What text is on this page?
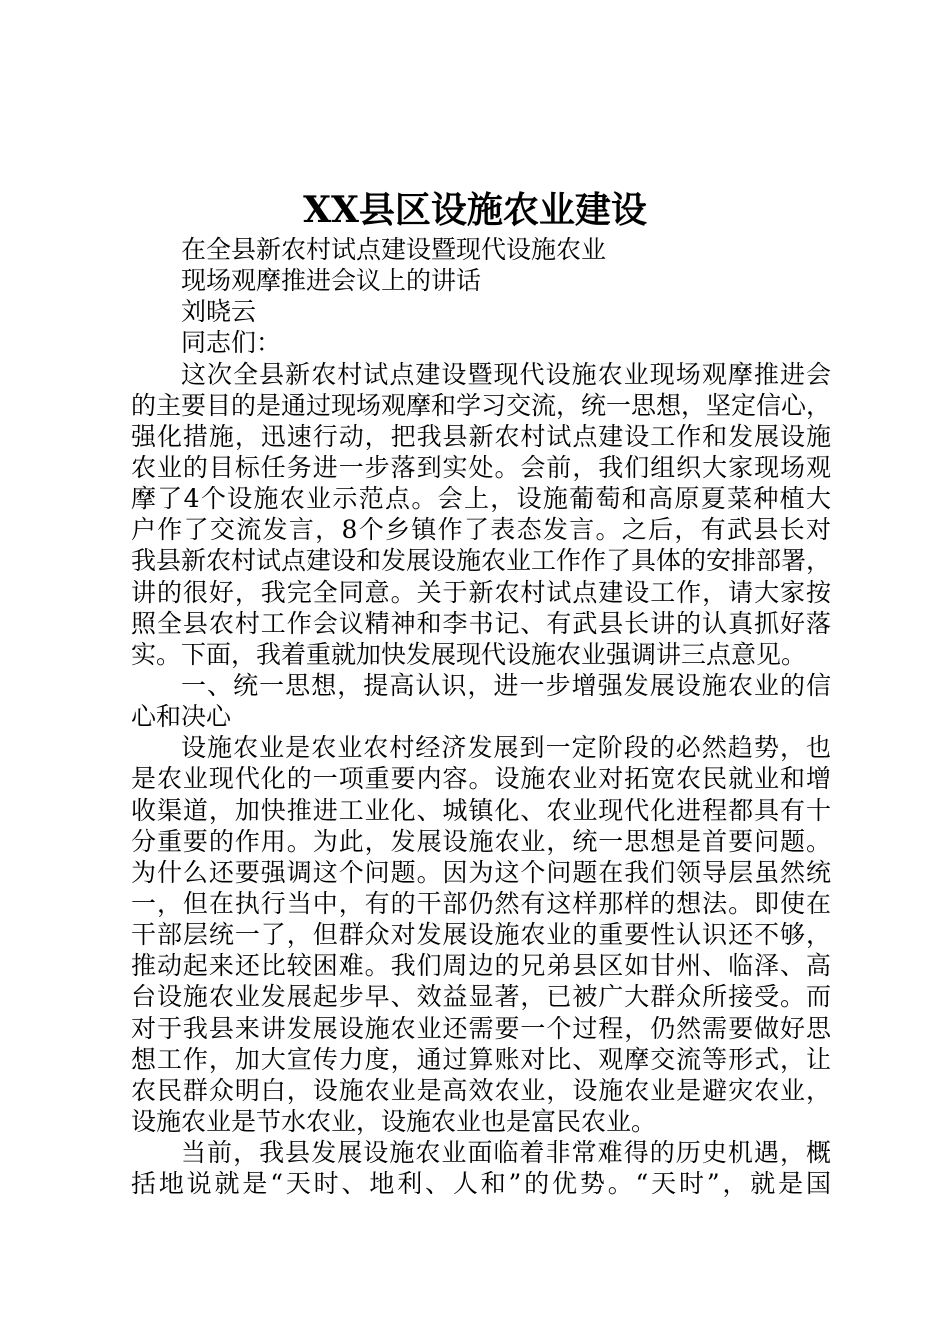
XX县区设施农业建设
在全县新农村试点建设暨现代设施农业
现场观摩推进会议上的讲话
刘晓云
同志们：
这次全县新农村试点建设暨现代设施农业现场观摩推进会
的主要目的是通过现场观摩和学习交流，统一思想，坚定信心，
强化措施，迅速行动，把我县新农村试点建设工作和发展设施
农业的目标任务进一步落到实处。会前，我们组织大家现场观
摩了4个设施农业示范点。会上，设施葡萄和高原夏菜种植大
户作了交流发言，8个乡镇作了表态发言。之后，有武县长对
我县新农村试点建设和发展设施农业工作作了具体的安排部署，
讲的很好，我完全同意。关于新农村试点建设工作，请大家按
照全县农村工作会议精神和李书记、有武县长讲的认真抓好落
实。下面，我着重就加快发展现代设施农业强调讲三点意见。
一、统一思想，提高认识，进一步增强发展设施农业的信
心和决心
设施农业是农业农村经济发展到一定阶段的必然趋势，也
是农业现代化的一项重要内容。设施农业对拓宽农民就业和增
收渠道，加快推进工业化、城镇化、农业现代化进程都具有十
分重要的作用。为此，发展设施农业，统一思想是首要问题。
为什么还要强调这个问题。因为这个问题在我们领导层虽然统
一，但在执行当中，有的干部仍然有这样那样的想法。即使在
干部层统一了，但群众对发展设施农业的重要性认识还不够，
推动起来还比较困难。我们周边的兄弟县区如甘州、临泽、高
台设施农业发展起步早、效益显著，已被广大群众所接受。而
对于我县来讲发展设施农业还需要一个过程，仍然需要做好思
想工作，加大宣传力度，通过算账对比、观摩交流等形式，让
农民群众明白，设施农业是高效农业，设施农业是避灾农业，
设施农业是节水农业，设施农业也是富民农业。
当前，我县发展设施农业面临着非常难得的历史机遇，概
括地说就是“天时、地利、人和”的优势。“天时”，就是国
